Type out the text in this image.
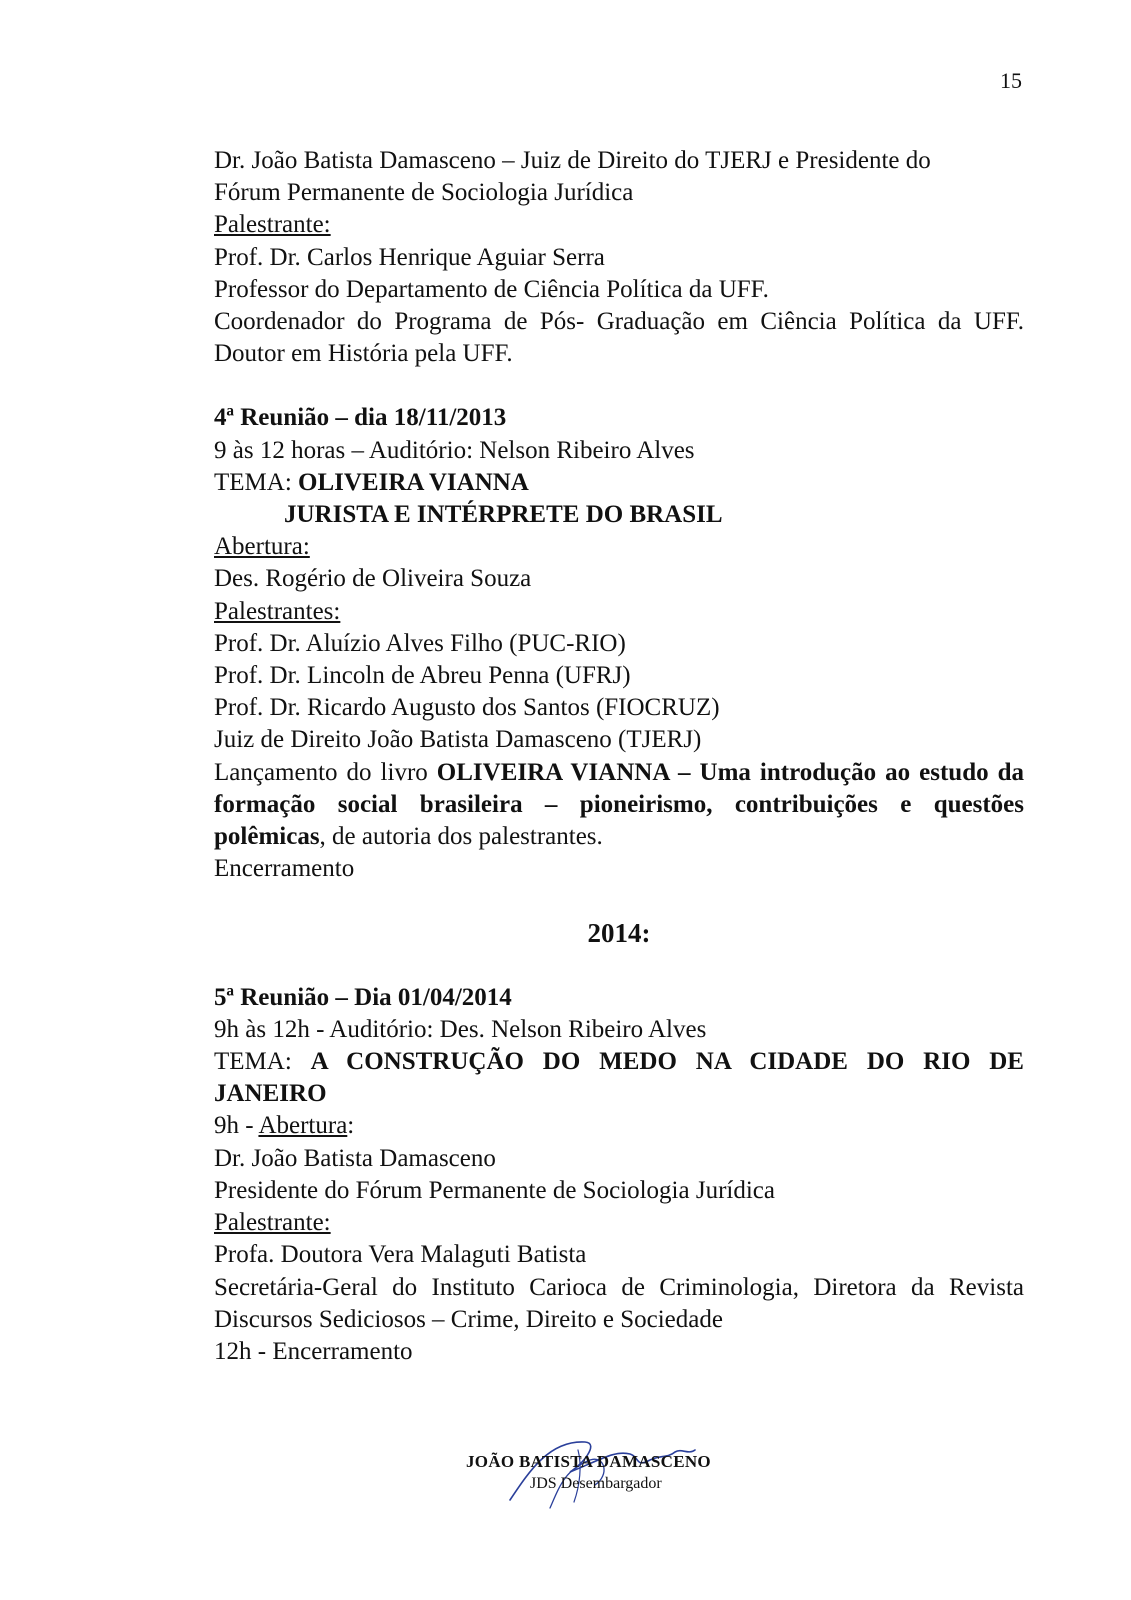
15
Dr. João Batista Damasceno – Juiz de Direito do TJERJ e Presidente do
Fórum Permanente de Sociologia Jurídica
Palestrante:
Prof. Dr. Carlos Henrique Aguiar Serra
Professor do Departamento de Ciência Política da UFF.
Coordenador do Programa de Pós- Graduação em Ciência Política da UFF. Doutor em História pela UFF.
4ª Reunião – dia 18/11/2013
9 às 12 horas – Auditório: Nelson Ribeiro Alves
TEMA: OLIVEIRA VIANNA
JURISTA E INTÉRPRETE DO BRASIL
Abertura:
Des. Rogério de Oliveira Souza
Palestrantes:
Prof. Dr. Aluízio Alves Filho (PUC-RIO)
Prof. Dr. Lincoln de Abreu Penna (UFRJ)
Prof. Dr. Ricardo Augusto dos Santos (FIOCRUZ)
Juiz de Direito João Batista Damasceno (TJERJ)
Lançamento do livro OLIVEIRA VIANNA – Uma introdução ao estudo da formação social brasileira – pioneirismo, contribuições e questões polêmicas, de autoria dos palestrantes.
Encerramento
2014:
5ª Reunião – Dia 01/04/2014
9h às 12h - Auditório: Des. Nelson Ribeiro Alves
TEMA: A CONSTRUÇÃO DO MEDO NA CIDADE DO RIO DE JANEIRO
9h - Abertura:
Dr. João Batista Damasceno
Presidente do Fórum Permanente de Sociologia Jurídica
Palestrante:
Profa. Doutora Vera Malaguti Batista
Secretária-Geral do Instituto Carioca de Criminologia, Diretora da Revista Discursos Sediciosos – Crime, Direito e Sociedade
12h - Encerramento
JOÃO BATISTA DAMASCENO
JDS Desembargador
